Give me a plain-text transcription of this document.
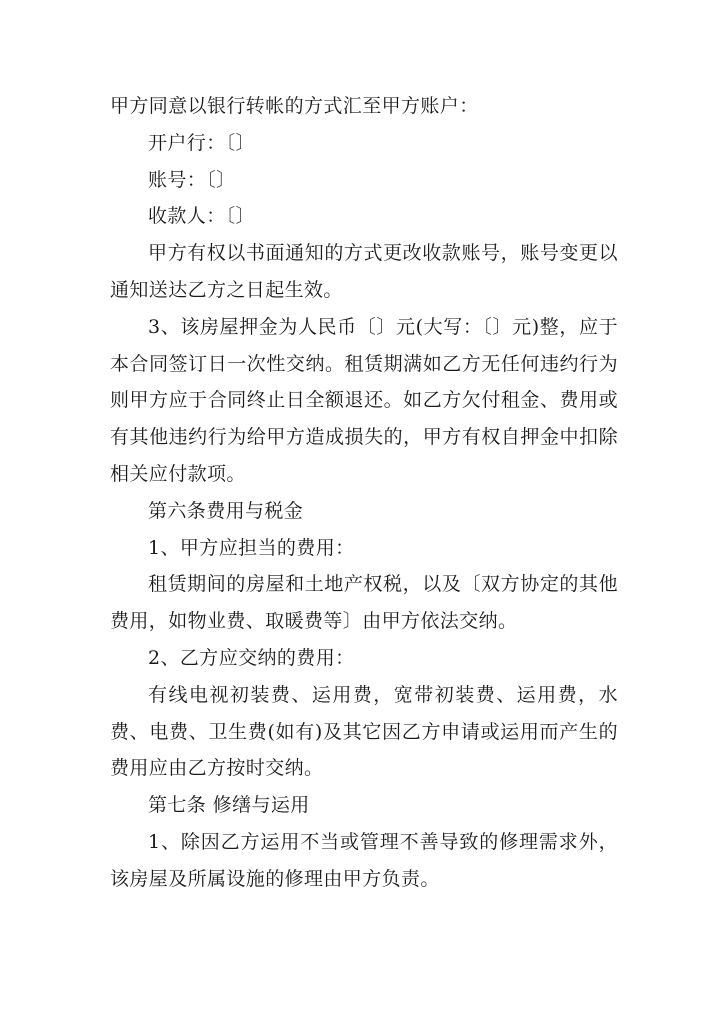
甲方同意以银行转帐的方式汇至甲方账户：

开户行：〔〕

账号：〔〕

收款人：〔〕

甲方有权以书面通知的方式更改收款账号，账号变更以通知送达乙方之日起生效。

3、该房屋押金为人民币〔〕元(大写：〔〕元)整，应于本合同签订日一次性交纳。租赁期满如乙方无任何违约行为则甲方应于合同终止日全额退还。如乙方欠付租金、费用或有其他违约行为给甲方造成损失的，甲方有权自押金中扣除相关应付款项。

第六条费用与税金

1、甲方应担当的费用：

租赁期间的房屋和土地产权税，以及〔双方协定的其他费用，如物业费、取暖费等〕由甲方依法交纳。

2、乙方应交纳的费用：

有线电视初装费、运用费，宽带初装费、运用费，水费、电费、卫生费(如有)及其它因乙方申请或运用而产生的费用应由乙方按时交纳。

第七条 修缮与运用

1、除因乙方运用不当或管理不善导致的修理需求外，该房屋及所属设施的修理由甲方负责。
